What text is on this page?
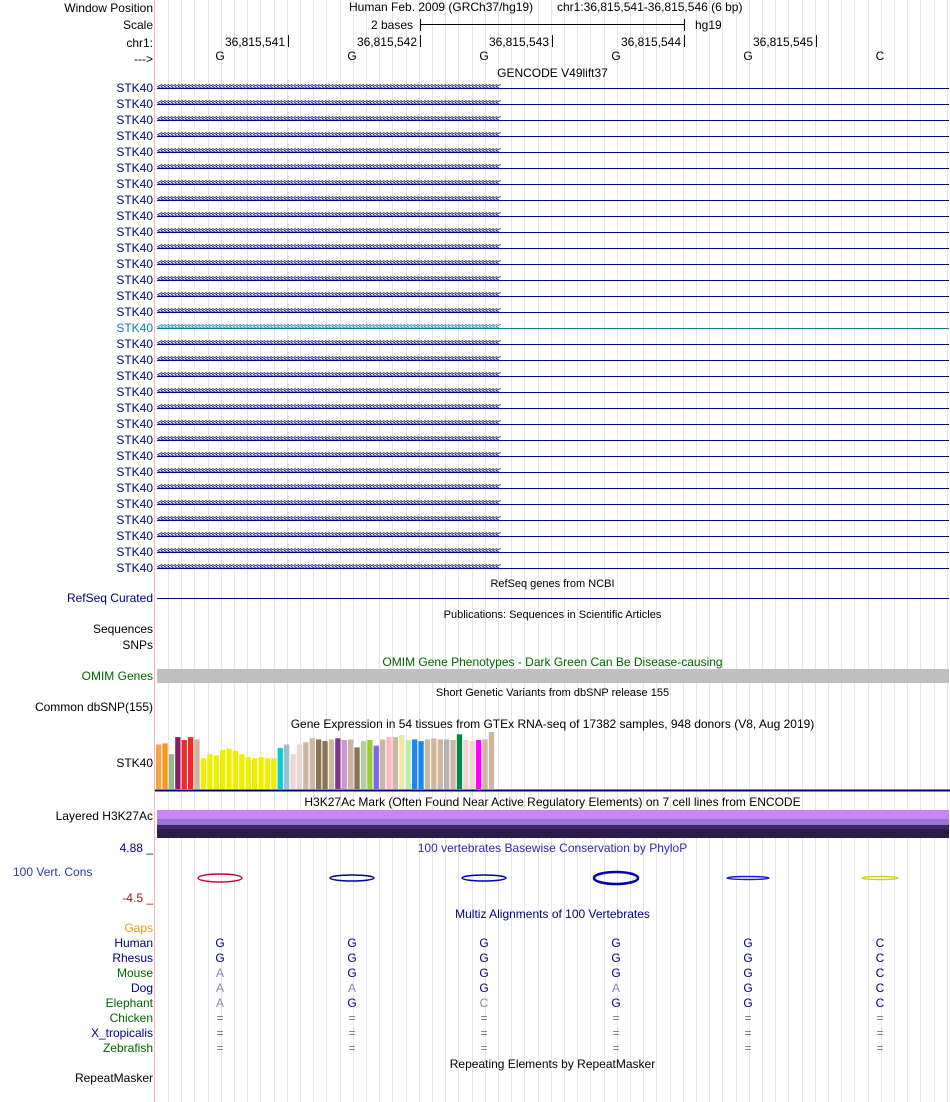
Window Position
Scale
chr1:
--->
Human Feb. 2009 (GRCh37/hg19) chr1:36,815,541-36,815,546 (6 bp)
2 bases	hg19
36,815,541	36,815,542	36,815,543	36,815,544	36,815,545
G	G	G	G	G	C
GENCODE V49lift37
STK40 < < < < < < < < < < < < < < < < < < < < < < < < < < < < < < < < < < < < < < < < < < < < < < < < < < < < < < < < < < < < < < < < < < < < < < < < < < < < < < < < < < < < < < < < < < < < < < < < < < < <
STK40 < < < < < < < < < < < < < < < < < < < < < < < < < < < < < < < < < < < < < < < < < < < < < < < < < < < < < < < < < < < < < < < < < < < < < < < < < < < < < < < < < < < < < < < < < < < < < < < < < < < <
STK40 < < < < < < < < < < < < < < < < < < < < < < < < < < < < < < < < < < < < < < < < < < < < < < < < < < < < < < < < < < < < < < < < < < < < < < < < < < < < < < < < < < < < < < < < < < < < < < < < < < < <
STK40 < < < < < < < < < < < < < < < < < < < < < < < < < < < < < < < < < < < < < < < < < < < < < < < < < < < < < < < < < < < < < < < < < < < < < < < < < < < < < < < < < < < < < < < < < < < < < < < < < < < <
STK40 < < < < < < < < < < < < < < < < < < < < < < < < < < < < < < < < < < < < < < < < < < < < < < < < < < < < < < < < < < < < < < < < < < < < < < < < < < < < < < < < < < < < < < < < < < < < < < < < < < < <
STK40 < < < < < < < < < < < < < < < < < < < < < < < < < < < < < < < < < < < < < < < < < < < < < < < < < < < < < < < < < < < < < < < < < < < < < < < < < < < < < < < < < < < < < < < < < < < < < < < < < < < <
STK40 < < < < < < < < < < < < < < < < < < < < < < < < < < < < < < < < < < < < < < < < < < < < < < < < < < < < < < < < < < < < < < < < < < < < < < < < < < < < < < < < < < < < < < < < < < < < < < < < < < < <
STK40 < < < < < < < < < < < < < < < < < < < < < < < < < < < < < < < < < < < < < < < < < < < < < < < < < < < < < < < < < < < < < < < < < < < < < < < < < < < < < < < < < < < < < < < < < < < < < < < < < < < <
STK40 < < < < < < < < < < < < < < < < < < < < < < < < < < < < < < < < < < < < < < < < < < < < < < < < < < < < < < < < < < < < < < < < < < < < < < < < < < < < < < < < < < < < < < < < < < < < < < < < < < < <
STK40 < < < < < < < < < < < < < < < < < < < < < < < < < < < < < < < < < < < < < < < < < < < < < < < < < < < < < < < < < < < < < < < < < < < < < < < < < < < < < < < < < < < < < < < < < < < < < < < < < < < <
STK40 < < < < < < < < < < < < < < < < < < < < < < < < < < < < < < < < < < < < < < < < < < < < < < < < < < < < < < < < < < < < < < < < < < < < < < < < < < < < < < < < < < < < < < < < < < < < < < < < < < < <
STK40 < < < < < < < < < < < < < < < < < < < < < < < < < < < < < < < < < < < < < < < < < < < < < < < < < < < < < < < < < < < < < < < < < < < < < < < < < < < < < < < < < < < < < < < < < < < < < < < < < < < <
STK40 < < < < < < < < < < < < < < < < < < < < < < < < < < < < < < < < < < < < < < < < < < < < < < < < < < < < < < < < < < < < < < < < < < < < < < < < < < < < < < < < < < < < < < < < < < < < < < < < < < < <
STK40 < < < < < < < < < < < < < < < < < < < < < < < < < < < < < < < < < < < < < < < < < < < < < < < < < < < < < < < < < < < < < < < < < < < < < < < < < < < < < < < < < < < < < < < < < < < < < < < < < < < <
STK40 < < < < < < < < < < < < < < < < < < < < < < < < < < < < < < < < < < < < < < < < < < < < < < < < < < < < < < < < < < < < < < < < < < < < < < < < < < < < < < < < < < < < < < < < < < < < < < < < < < < <
STK40 < < < < < < < < < < < < < < < < < < < < < < < < < < < < < < < < < < < < < < < < < < < < < < < < < < < < < < < < < < < < < < < < < < < < < < < < < < < < < < < < < < < < < < < < < < < < < < < < < < < <
STK40 < < < < < < < < < < < < < < < < < < < < < < < < < < < < < < < < < < < < < < < < < < < < < < < < < < < < < < < < < < < < < < < < < < < < < < < < < < < < < < < < < < < < < < < < < < < < < < < < < < < <
STK40 < < < < < < < < < < < < < < < < < < < < < < < < < < < < < < < < < < < < < < < < < < < < < < < < < < < < < < < < < < < < < < < < < < < < < < < < < < < < < < < < < < < < < < < < < < < < < < < < < < < <
STK40 < < < < < < < < < < < < < < < < < < < < < < < < < < < < < < < < < < < < < < < < < < < < < < < < < < < < < < < < < < < < < < < < < < < < < < < < < < < < < < < < < < < < < < < < < < < < < < < < < < < <
STK40 < < < < < < < < < < < < < < < < < < < < < < < < < < < < < < < < < < < < < < < < < < < < < < < < < < < < < < < < < < < < < < < < < < < < < < < < < < < < < < < < < < < < < < < < < < < < < < < < < < < <
STK40 < < < < < < < < < < < < < < < < < < < < < < < < < < < < < < < < < < < < < < < < < < < < < < < < < < < < < < < < < < < < < < < < < < < < < < < < < < < < < < < < < < < < < < < < < < < < < < < < < < < <
STK40 < < < < < < < < < < < < < < < < < < < < < < < < < < < < < < < < < < < < < < < < < < < < < < < < < < < < < < < < < < < < < < < < < < < < < < < < < < < < < < < < < < < < < < < < < < < < < < < < < < < <
STK40 < < < < < < < < < < < < < < < < < < < < < < < < < < < < < < < < < < < < < < < < < < < < < < < < < < < < < < < < < < < < < < < < < < < < < < < < < < < < < < < < < < < < < < < < < < < < < < < < < < < <
STK40 < < < < < < < < < < < < < < < < < < < < < < < < < < < < < < < < < < < < < < < < < < < < < < < < < < < < < < < < < < < < < < < < < < < < < < < < < < < < < < < < < < < < < < < < < < < < < < < < < < < <
STK40 < < < < < < < < < < < < < < < < < < < < < < < < < < < < < < < < < < < < < < < < < < < < < < < < < < < < < < < < < < < < < < < < < < < < < < < < < < < < < < < < < < < < < < < < < < < < < < < < < < < <
STK40 < < < < < < < < < < < < < < < < < < < < < < < < < < < < < < < < < < < < < < < < < < < < < < < < < < < < < < < < < < < < < < < < < < < < < < < < < < < < < < < < < < < < < < < < < < < < < < < < < < < <
STK40 < < < < < < < < < < < < < < < < < < < < < < < < < < < < < < < < < < < < < < < < < < < < < < < < < < < < < < < < < < < < < < < < < < < < < < < < < < < < < < < < < < < < < < < < < < < < < < < < < < < <
STK40 < < < < < < < < < < < < < < < < < < < < < < < < < < < < < < < < < < < < < < < < < < < < < < < < < < < < < < < < < < < < < < < < < < < < < < < < < < < < < < < < < < < < < < < < < < < < < < < < < < < <
STK40 < < < < < < < < < < < < < < < < < < < < < < < < < < < < < < < < < < < < < < < < < < < < < < < < < < < < < < < < < < < < < < < < < < < < < < < < < < < < < < < < < < < < < < < < < < < < < < < < < < < <
STK40 < < < < < < < < < < < < < < < < < < < < < < < < < < < < < < < < < < < < < < < < < < < < < < < < < < < < < < < < < < < < < < < < < < < < < < < < < < < < < < < < < < < < < < < < < < < < < < < < < < < <
STK40 < < < < < < < < < < < < < < < < < < < < < < < < < < < < < < < < < < < < < < < < < < < < < < < < < < < < < < < < < < < < < < < < < < < < < < < < < < < < < < < < < < < < < < < < < < < < < < < < < < < <
RefSeq genes from NCBI
RefSeq Curated
Publications: Sequences in Scientific Articles
Sequences
SNPs
OMIM Gene Phenotypes - Dark Green Can Be Disease-causing
OMIM Genes
Short Genetic Variants from dbSNP release 155
Common dbSNP(155)
Gene Expression in 54 tissues from GTEx RNA-seq of 17382 samples, 948 donors (V8, Aug 2019)
STK40
H3K27Ac Mark (Often Found Near Active Regulatory Elements) on 7 cell lines from ENCODE
Layered H3K27Ac
4.88 _	100 vertebrates Basewise Conservation by PhyloP
100 Vert. Cons
-4.5 _
Multiz Alignments of 100 Vertebrates
Gaps
Human	G	G	G	G	G	C
Rhesus	G	G	G	G	G	C
Mouse	A	G	G	G	G	C
Dog	A	A	G	A	G	C
Elephant	A	G	C	G	G	C
Chicken	=	=	=	=	=	=
X_tropicalis	=	=	=	=	=	=
Zebrafish	=	=	=	=	=	=
Repeating Elements by RepeatMasker
RepeatMasker
